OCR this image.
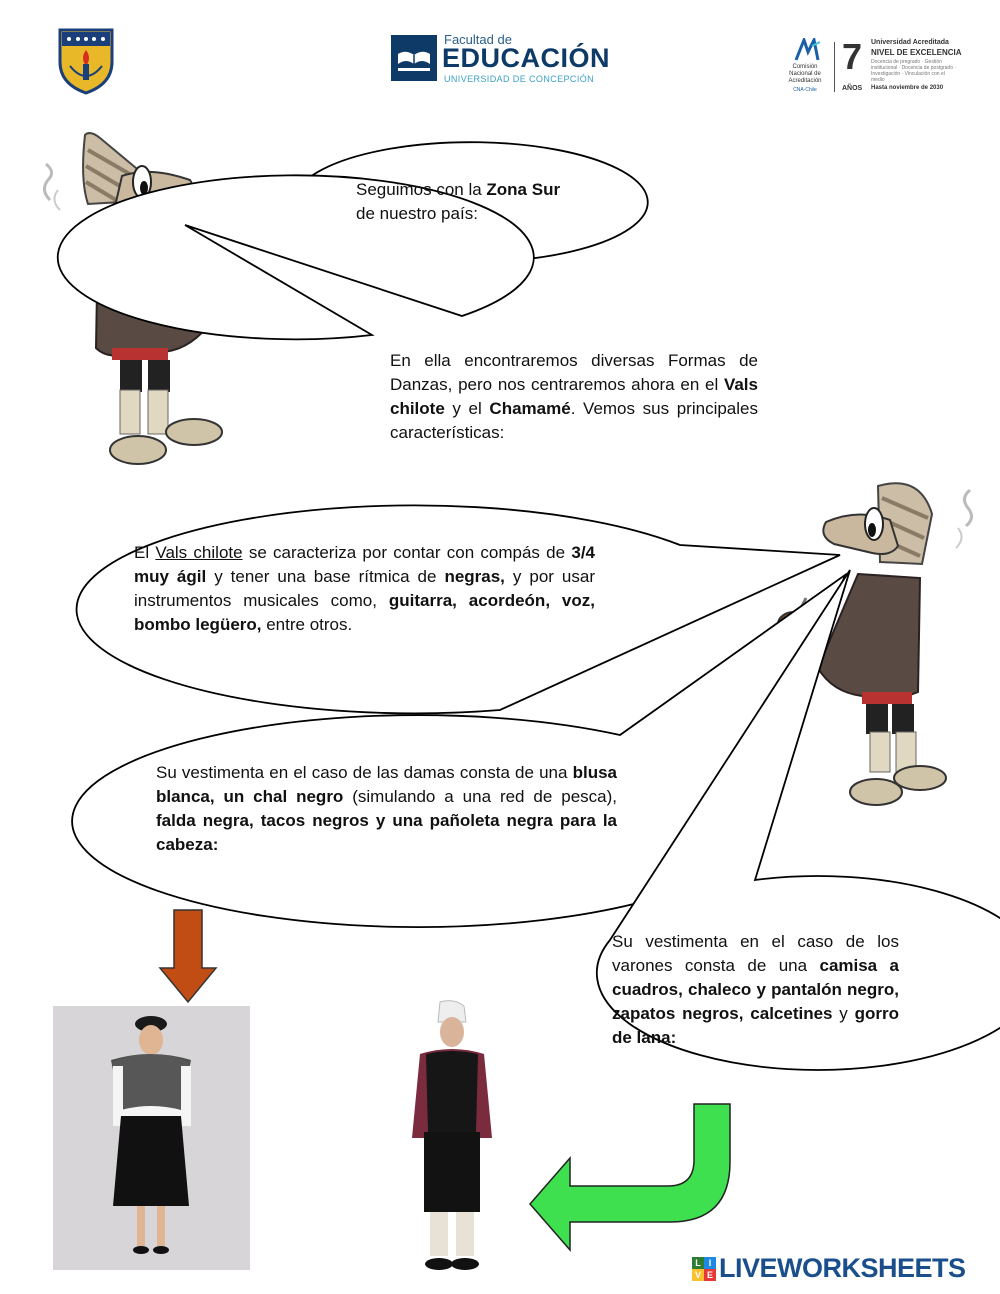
Facultad de
EDUCACIÓN
UNIVERSIDAD DE CONCEPCIÓN
Comisión Nacional de Acreditación
CNA-Chile
7
AÑOS
Universidad Acreditada
NIVEL DE EXCELENCIA
Docencia de pregrado · Gestión institucional · Docencia de postgrado · Investigación · Vinculación con el medio
Hasta noviembre de 2030
Seguimos con la Zona Sur
de nuestro país:
En ella encontraremos diversas Formas de Danzas, pero nos centraremos ahora en el Vals chilote y el Chamamé. Vemos sus principales características:
El Vals chilote se caracteriza por contar con compás de 3/4 muy ágil y tener una base rítmica de negras, y por usar instrumentos musicales como, guitarra, acordeón, voz, bombo legüero, entre otros.
Su vestimenta en el caso de las damas consta de una blusa blanca, un chal negro (simulando a una red de pesca), falda negra, tacos negros y una pañoleta negra para la cabeza:
Su vestimenta en el caso de los varones consta de una camisa a cuadros, chaleco y pantalón negro, zapatos negros, calcetines y gorro de lana:
L I
V E LIVEWORKSHEETS
